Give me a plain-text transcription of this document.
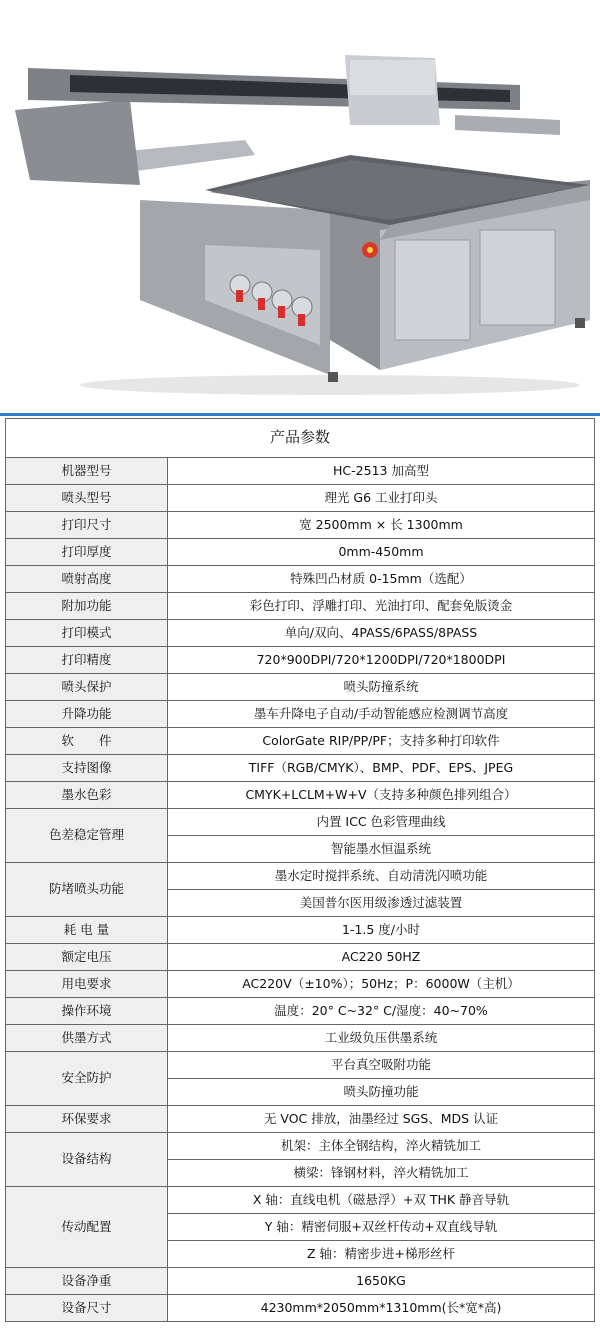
产品参数	
机器型号	HC-2513 加高型
喷头型号	理光 G6 工业打印头
打印尺寸	宽 2500mm × 长 1300mm
打印厚度	0mm-450mm
喷射高度	特殊凹凸材质 0-15mm（选配）
附加功能	彩色打印、浮雕打印、光油打印、配套免版烫金
打印模式	单向/双向、4PASS/6PASS/8PASS
打印精度	720*900DPI/720*1200DPI/720*1800DPI
喷头保护	喷头防撞系统
升降功能	墨车升降电子自动/手动智能感应检测调节高度
软　　件	ColorGate RIP/PP/PF；支持多种打印软件
支持图像	TIFF（RGB/CMYK）、BMP、PDF、EPS、JPEG
墨水色彩	CMYK+LCLM+W+V（支持多种颜色排列组合）
色差稳定管理	内置 ICC 色彩管理曲线
	智能墨水恒温系统
防堵喷头功能	墨水定时搅拌系统、自动清洗闪喷功能
	美国普尔医用级渗透过滤装置
耗 电 量	1-1.5 度/小时
额定电压	AC220 50HZ
用电要求	AC220V（±10%）；50Hz；P：6000W（主机）
操作环境	温度：20° C~32° C/湿度：40~70%
供墨方式	工业级负压供墨系统
安全防护	平台真空吸附功能
	喷头防撞功能
环保要求	无 VOC 排放，油墨经过 SGS、MDS 认证
设备结构	机架：主体全钢结构，淬火精铣加工
	横梁：锋钢材料，淬火精铣加工
传动配置	X 轴：直线电机（磁悬浮）+双 THK 静音导轨
	Y 轴：精密伺服+双丝杆传动+双直线导轨
	Z 轴：精密步进+梯形丝杆
设备净重	1650KG
设备尺寸	4230mm*2050mm*1310mm(长*宽*高)
